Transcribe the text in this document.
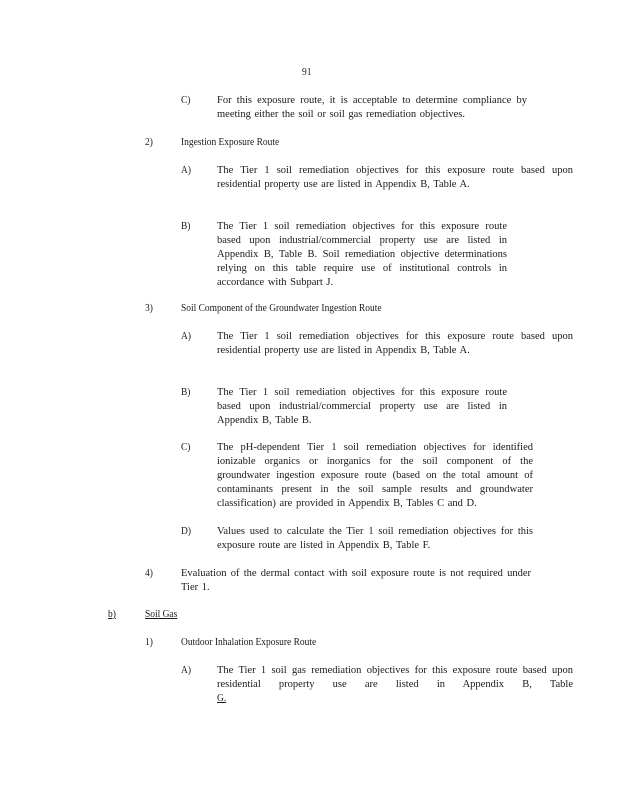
91
C)	For this exposure route, it is acceptable to determine compliance by meeting either the soil or soil gas remediation objectives.
2)	Ingestion Exposure Route
A) The Tier 1 soil remediation objectives for this exposure route based upon residential property use are listed in Appendix B, Table A.
B)	The Tier 1 soil remediation objectives for this exposure route based upon industrial/commercial property use are listed in Appendix B, Table B. Soil remediation objective determinations relying on this table require use of institutional controls in accordance with Subpart J.
3)	Soil Component of the Groundwater Ingestion Route
A) The Tier 1 soil remediation objectives for this exposure route based upon residential property use are listed in Appendix B, Table A.
B)	The Tier 1 soil remediation objectives for this exposure route based upon industrial/commercial property use are listed in Appendix B, Table B.
C)	The pH-dependent Tier 1 soil remediation objectives for identified ionizable organics or inorganics for the soil component of the groundwater ingestion exposure route (based on the total amount of contaminants present in the soil sample results and groundwater classification) are provided in Appendix B, Tables C and D.
D) Values used to calculate the Tier 1 soil remediation objectives for this exposure route are listed in Appendix B, Table F.
4)	Evaluation of the dermal contact with soil exposure route is not required under Tier 1.
b)	Soil Gas
1)	Outdoor Inhalation Exposure Route
A) The Tier 1 soil gas remediation objectives for this exposure route based upon residential property use are listed in Appendix B, Table
G.
